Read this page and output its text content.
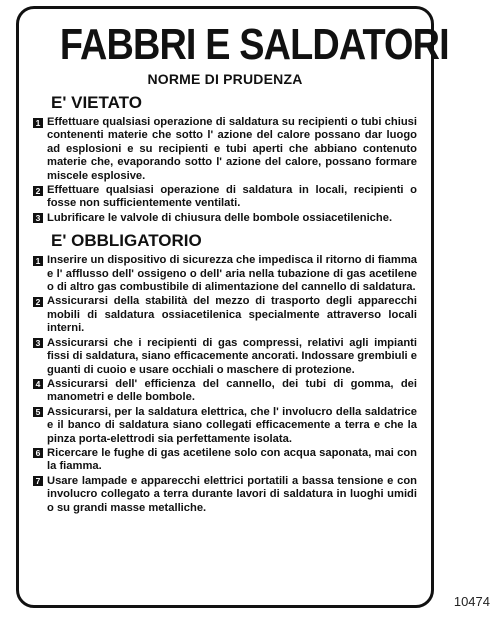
FABBRI E SALDATORI
NORME DI PRUDENZA
E' VIETATO
1 Effettuare qualsiasi operazione di saldatura su recipienti o tubi chiusi contenenti materie che sotto l' azione del calore possano dar luogo ad esplosioni e su recipienti e tubi aperti che abbiano contenuto materie che, evaporando sotto l' azione del calore, possano formare miscele esplosive.
2 Effettuare qualsiasi operazione di saldatura in locali, recipienti o fosse non sufficientemente ventilati.
3 Lubrificare le valvole di chiusura delle bombole ossiacetileniche.
E' OBBLIGATORIO
1 Inserire un dispositivo di sicurezza che impedisca il ritorno di fiamma e l' afflusso dell' ossigeno o dell' aria nella tubazione di gas acetilene o di altro gas combustibile di alimentazione del cannello di saldatura.
2 Assicurarsi della stabilità del mezzo di trasporto degli apparecchi mobili di saldatura ossiacetilenica specialmente attraverso locali interni.
3 Assicurarsi che i recipienti di gas compressi, relativi agli impianti fissi di saldatura, siano efficacemente ancorati. Indossare grembiuli e guanti di cuoio e usare occhiali o maschere di protezione.
4 Assicurarsi dell' efficienza del cannello, dei tubi di gomma, dei manometri e delle bombole.
5 Assicurarsi, per la saldatura elettrica, che l' involucro della saldatrice e il banco di saldatura siano collegati efficacemente a terra e che la pinza porta-elettrodi sia perfettamente isolata.
6 Ricercare le fughe di gas acetilene solo con acqua saponata, mai con la fiamma.
7 Usare lampade e apparecchi elettrici portatili a bassa tensione e con involucro collegato a terra durante lavori di saldatura in luoghi umidi o su grandi masse metalliche.
10474
